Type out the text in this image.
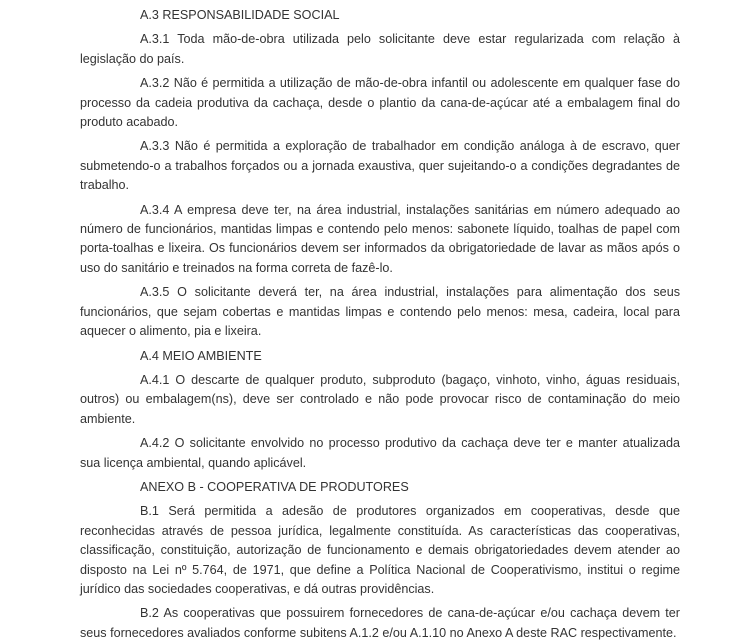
A.3 RESPONSABILIDADE SOCIAL

A.3.1 Toda mão-de-obra utilizada pelo solicitante deve estar regularizada com relação à legislação do país.

A.3.2 Não é permitida a utilização de mão-de-obra infantil ou adolescente em qualquer fase do processo da cadeia produtiva da cachaça, desde o plantio da cana-de-açúcar até a embalagem final do produto acabado.

A.3.3 Não é permitida a exploração de trabalhador em condição análoga à de escravo, quer submetendo-o a trabalhos forçados ou a jornada exaustiva, quer sujeitando-o a condições degradantes de trabalho.

A.3.4 A empresa deve ter, na área industrial, instalações sanitárias em número adequado ao número de funcionários, mantidas limpas e contendo pelo menos: sabonete líquido, toalhas de papel com porta-toalhas e lixeira. Os funcionários devem ser informados da obrigatoriedade de lavar as mãos após o uso do sanitário e treinados na forma correta de fazê-lo.

A.3.5 O solicitante deverá ter, na área industrial, instalações para alimentação dos seus funcionários, que sejam cobertas e mantidas limpas e contendo pelo menos: mesa, cadeira, local para aquecer o alimento, pia e lixeira.

A.4 MEIO AMBIENTE

A.4.1 O descarte de qualquer produto, subproduto (bagaço, vinhoto, vinho, águas residuais, outros) ou embalagem(ns), deve ser controlado e não pode provocar risco de contaminação do meio ambiente.

A.4.2 O solicitante envolvido no processo produtivo da cachaça deve ter e manter atualizada sua licença ambiental, quando aplicável.

ANEXO B - COOPERATIVA DE PRODUTORES

B.1 Será permitida a adesão de produtores organizados em cooperativas, desde que reconhecidas através de pessoa jurídica, legalmente constituída. As características das cooperativas, classificação, constituição, autorização de funcionamento e demais obrigatoriedades devem atender ao disposto na Lei nº 5.764, de 1971, que define a Política Nacional de Cooperativismo, institui o regime jurídico das sociedades cooperativas, e dá outras providências.

B.2 As cooperativas que possuirem fornecedores de cana-de-açúcar e/ou cachaça devem ter seus fornecedores avaliados conforme subitens A.1.2 e/ou A.1.10 no Anexo A deste RAC respectivamente.
